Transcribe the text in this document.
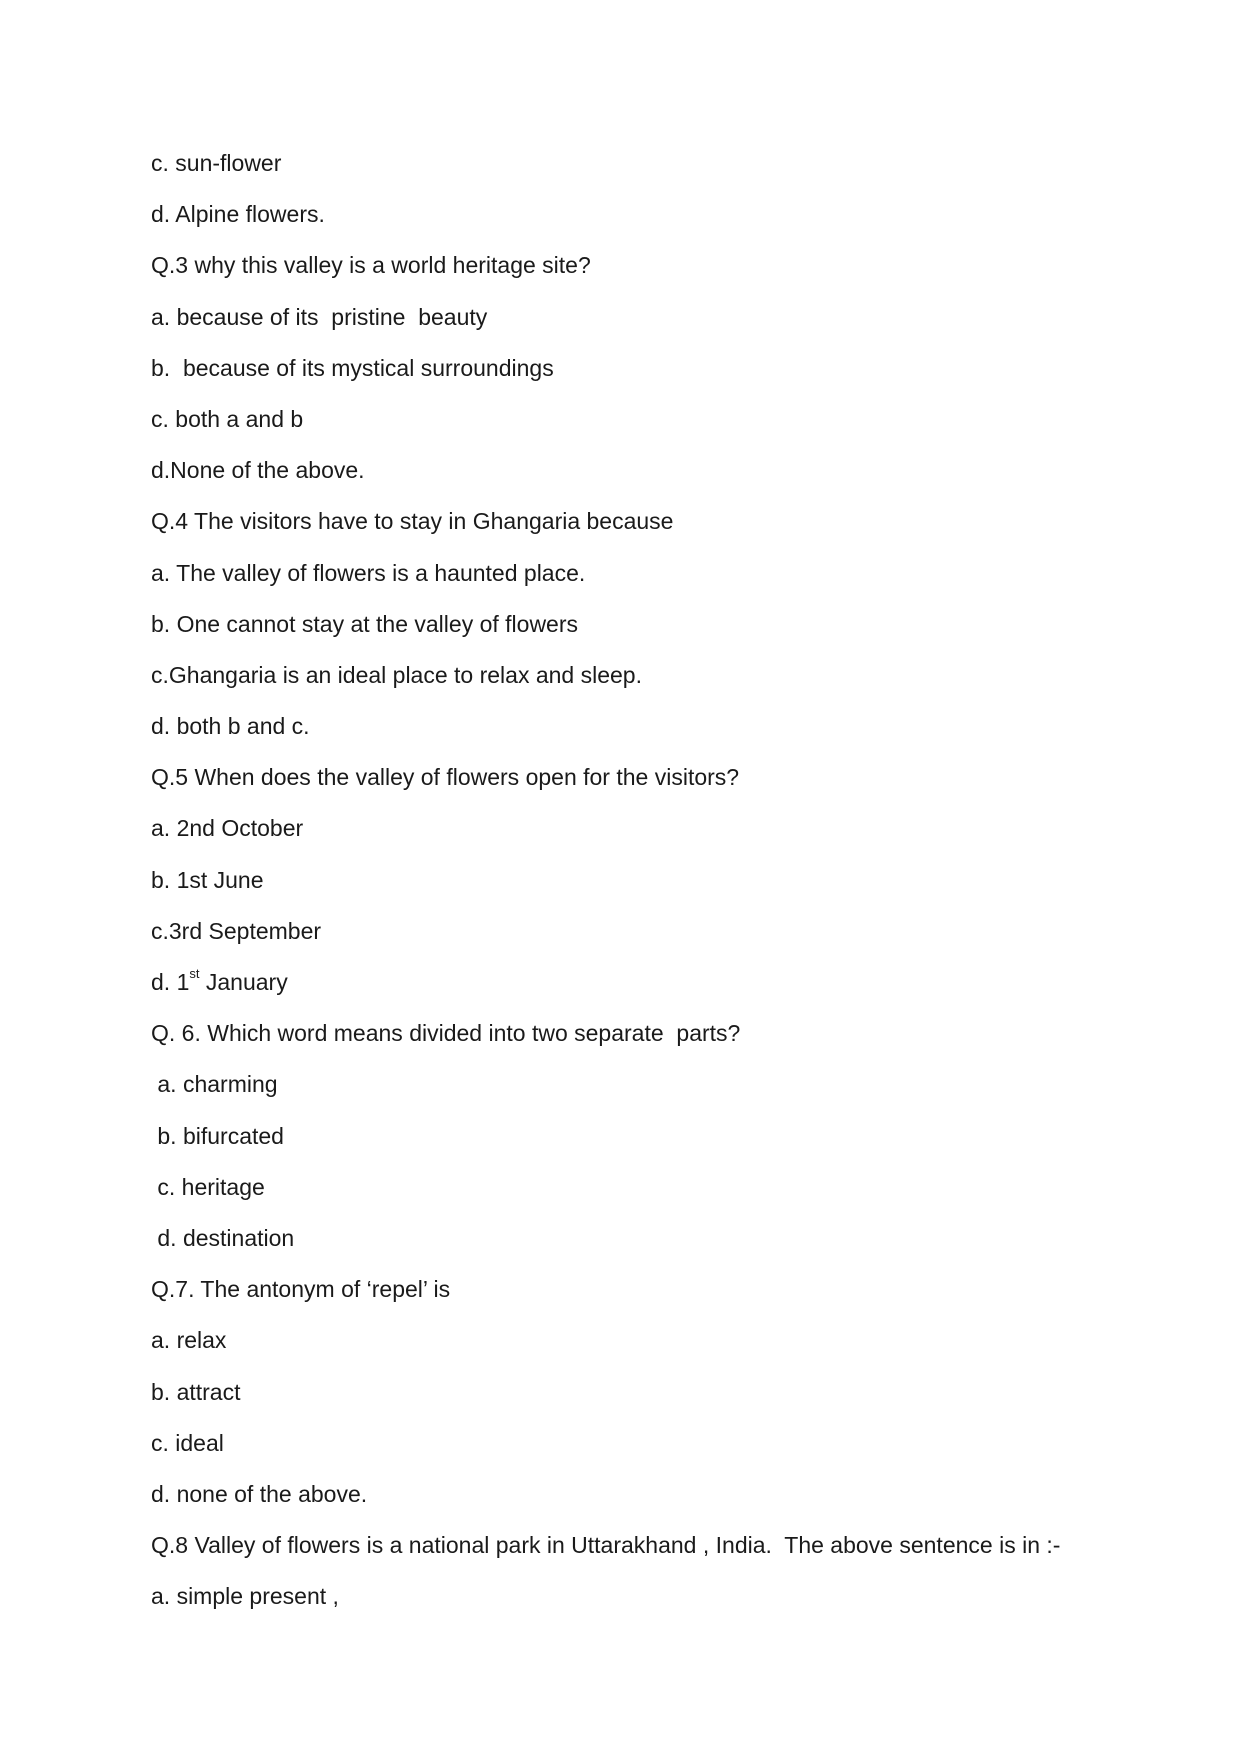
c. sun-flower
d. Alpine flowers.
Q.3 why this valley is a world heritage site?
a. because of its  pristine  beauty
b.  because of its mystical surroundings
c. both a and b
d.None of the above.
Q.4 The visitors have to stay in Ghangaria because
a. The valley of flowers is a haunted place.
b. One cannot stay at the valley of flowers
c.Ghangaria is an ideal place to relax and sleep.
d. both b and c.
Q.5 When does the valley of flowers open for the visitors?
a. 2nd October
b. 1st June
c.3rd September
d. 1st January
Q. 6. Which word means divided into two separate  parts?
a. charming
b. bifurcated
c. heritage
d. destination
Q.7. The antonym of ‘repel’ is
a. relax
b. attract
c. ideal
d. none of the above.
Q.8 Valley of flowers is a national park in Uttarakhand , India.  The above sentence is in :-
a. simple present ,
